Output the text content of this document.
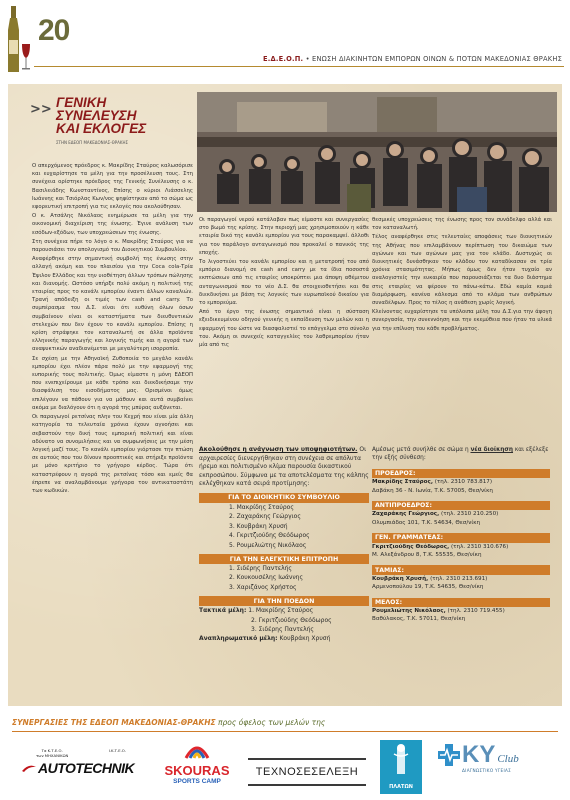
20
Ε.Δ.Ε.Ο.Π. • ΕΝΩΣΗ ΔΙΑΚΙΝΗΤΩΝ ΕΜΠΟΡΩΝ ΟΙΝΩΝ & ΠΟΤΩΝ ΜΑΚΕΔΟΝΙΑΣ ΘΡΑΚΗΣ
>> ΓΕΝΙΚΗ
ΣΥΝΕΛΕΥΣΗ
ΚΑΙ ΕΚΛΟΓΕΣ
ΣΤΗΝ ΕΔΕΟΠ ΜΑΚΕΔΟΝΙΑΣ-ΘΡΑΚΗΣ

Ο απερχόμενος πρόεδρος κ. Μακρίδης Σταύρος καλωσόρισε και ευχαρίστησε τα μέλη για την προσέλευση τους. Στη συνέχεια ορίστηκε πρόεδρος της Γενικής Συνέλευσης ο κ. Βασιλειάδης Κωνσταντίνος, Επίσης ο κύριοι Λιάσσελης Ιωάννης και Τσιόρλας Κων/νος ψηφίστηκαν από το σώμα ως εφορευτική επιτροπή για τις εκλογές που ακολούθησαν.

Ο κ. Ατσάλης Νικόλαος ενημέρωσε τα μέλη για την οικονομική διαχείριση της ένωσης. Έγινε ανάλυση των εσόδων-εξόδων, των υποχρεώσεων της ένωσης.

Στη συνέχεια πήρε το λόγο ο κ. Μακρίδης Σταύρος για να παρουσιάσει τον απολογισμό του Διοικητικού Συμβουλίου.

Αναφέρθηκε στην σημαντική συμβολή της ένωσης στην αλλαγή ακόμη και του πλαισίου για την Coca cola-Τρία Έψιλον Ελλάδος και την υιοθέτηση άλλων τρόπων πώλησης και διανομής. Ωστόσο υπήρξε πολύ ακόμη η πολιτική της εταιρίας προς το κανάλι εμπορίου έναντι άλλων καναλιών. Τρανή απόδειξη οι τιμές των cash and carry. Το συμπέρασμα του Δ.Σ. είναι ότι ευθύνη όλων όσων συμβαίνουν είναι οι καταστήματα των διευθυντικών στελεχών που δεν έχουν το κανάλι εμπορίου. Επίσης η κρίση στράφηκε τον καταναλωτή σε άλλα προϊόντα ελληνικής παραγωγής και λογικής τιμής και η αγορά των αναψυκτικών αναδιανέμεται με μεγαλύτερη ισορροπία.

Σε σχέση με την Αθηναϊκή Ζυθοποιία το μεγάλο κανάλι εμπορίου έχει πλέον πάρα πολύ με την εφαρμογή της ευπορικής τους πολιτικής. Όμως είμαστε η μόνη ΕΔΕΟΠ που ενεπιχείρουμε με κάθε τρόπο και διεκδικήσαμε την διασφάλιση του εισοδήματος μας. Ορισμένοι όμως επιλέγουν να πάθουν για να μάθουν και αυτά συμβαίνει ακόμα με διαλόγουν ότι η αγορά της μπύρας αυξάνεται.

Οι παραγωγοί ρετσίνας πλην του Κεχρή που είναι μία άλλη κατηγορία τα τελευταία χρόνια έχουν αγνοήσει και σεβαστούν την δική τους εμπορική πολιτική και είναι αδύνατο να συνομιλήσεις και να συμφωνήσεις με την μέση λογική μαζί τους. Το κανάλι εμπορίου γιόρτασε την πτώση σε αυτούς που του δίνουν προοπτικές και στήριξε προϊόντα με μόνο κριτήριο το γρήγορο κέρδος. Τώρα ότι καταστρέφουν η αγορά της ρετσίνας τόσο και εμείς θα έπρεπε να αναλαμβάνουμε γρήγορα τον αντικαταστάτη των κωδικών.

Οι παραγωγοί νερού κατάλαβαν πως είμαστε και συνεργασίες στο βωμό της κρίσης. Στην περιοχή μας χρησιμοποιούν η κάθε εταιρία δικό της κανάλι εμπορίου για τους παρακαμψεί. άλλοθι για τον παράλογο ανταγωνισμό που προκαλεί ο πανικός της εποχής.

Το λιγοστεύει του κανάλι εμπορίου και η μετατροπή του από εμπόριο διανομή σε cash and carry με τα ίδια ποσοστά εκπτώσεων από τις εταιρίες υποκρύπτει μια άποψη αθέμιτου ανταγωνισμού που το νέο Δ.Σ. θα στοιχειοθετήσει και θα διεκδικήσει με βάση τις λογικές των ευρωπαϊκού δικαίου για το εμπορεύμα.

Από το έργο της ένωσης σημαντικό είναι η σύσταση εξειδικευμένου οδηγού γενικής η εκπαίδευση των μελών και η εφαρμογή του ώστε να διασφαλιστεί το επάγγελμα στο σύνολο του. Ακόμη οι συνεχείς καταγγελίες του λαθρεμπορίου ήταν μία από τις

θεσμικές υποχρεώσεις της ένωσης προς τον συνάδελφο αλλά και τον καταναλωτή.

Τέλος αναφέρθηκε στις τελευταίες αποφάσεις των διοικητικών της Αθήνας που επιλαμβάνουν περίπτωση του δικαιώμα των αγώνων και των αγώνων μας για τον κλάδο. Δυστυχώς οι διοικητικές δυνάσθηκαν του κλάδου τον καταδίκασαν σε τρία χρόνια στασιμότητας. Μήπως όμως δεν ήταν τυχαίο αν αναλογιστείς την ευκαιρία που παρουσιάζεται τα δυο διάστημα στις εταιρίες να φέρουν το πάνω-κάτω. Εδώ καμία καμιά διαμόρφωση, κανένα κάλεσμα από το κλάμα των ανθρώπων συναδέλφων. Προς το τέλος η ανάθεση χωρίς λογική.

Κλείνοντας ευχαρίστησε τα υπόλοιπα μέλη του Δ.Σ.για την άψογη συνεργασία, την συνεννόηση και την εκεμύθεια που ήταν τα υλικά για την επίλυση του κάθε προβλήματος.

Ακολούθησε η ανάγνωση των υποψηφιοτήτων. Οι αρχαιρεσίες διενεργήθηκαν στη συνέχεια σε απόλυτα ήρεμο και πολιτισμένο κλίμα παρουσία δικαστικού εκπροσώπου. Σύμφωνα με τα αποτελέσματα της κάλπης εκλέχθηκαν κατά σειρά προτίμησης:
ΓΙΑ ΤΟ ΔΙΟΙΚΗΤΙΚΟ ΣΥΜΒΟΥΛΙΟ
1. Μακρίδης Σταύρος
2. Ζαχαράκης Γεώργιος
3. Κουβράκη Χρυσή
4. Γκριτζιούδης Θεόδωρος
5. Ρουμελιώτης Νικόλαος
ΓΙΑ ΤΗΝ ΕΛΕΓΚΤΙΚΗ ΕΠΙΤΡΟΠΗ
1. Σιδέρης Παντελής
2. Κουκουσέλης Ιωάννης
3. Χαριζάνος Χρήστος
ΓΙΑ ΤΗΝ ΠΟΕΔΟΝ
Τακτικά μέλη: 1. Μακρίδης Σταύρος
2. Γκριτζιούδης Θεόδωρος
3. Σιδέρης Παντελής
Αναπληρωματικό μέλη: Κουβράκη Χρυσή
Αμέσως μετά συνήλθε σε σώμα η νέα διοίκηση και εξέλεξε την εξής σύνθεση:
ΠΡΟΕΔΡΟΣ:
Μακρίδης Σταύρος, (τηλ. 2310 783.817)
Δαβάκη 36 - Ν. Ιωνία, Τ.Κ. 57005, Θεσ/νίκη
ΑΝΤΙΠΡΟΕΔΡΟΣ:
Ζαχαράκης Γεώργιος, (τηλ. 2310 210.250)
Ολυμπιάδος 101, Τ.Κ. 54634, Θεσ/νίκη
ΓΕΝ. ΓΡΑΜΜΑΤΕΑΣ:
Γκριτζιούδης Θεόδωρος, (τηλ. 2310 310.676)
Μ. Αλεξάνδρου 8, Τ.Κ. 55535, Θεσ/νίκη
ΤΑΜΙΑΣ:
Κουβράκη Χρυσή, (τηλ. 2310 213.691)
Αρμενοπούλου 19, Τ.Κ. 54635, Θεσ/νίκη
ΜΕΛΟΣ:
Ρουμελιώτης Νικόλαος, (τηλ. 2310 719.455)
Βαθύλακος, Τ.Κ. 57011, Θεσ/νίκη
ΣΥΝΕΡΓΑΣΙΕΣ ΤΗΣ ΕΔΕΟΠ ΜΑΚΕΔΟΝΙΑΣ-ΘΡΑΚΗΣ προς όφελος των μελών της
Τα Κ.Τ.Ε.Ο.
των ΜΗΧΑΝΙΚΩΝ
Ι.Κ.Τ.Ε.Ο.
AUTOTECHNIK	SKOURAS
SPORTS CAMP
TEXNOΣΕΣΕΛΕΞΗ
ΠΛΑΤΩΝ
KY Club
ΔΙΑΓΝΩΣΤΙΚΟ ΥΓΕΙΑΣ
